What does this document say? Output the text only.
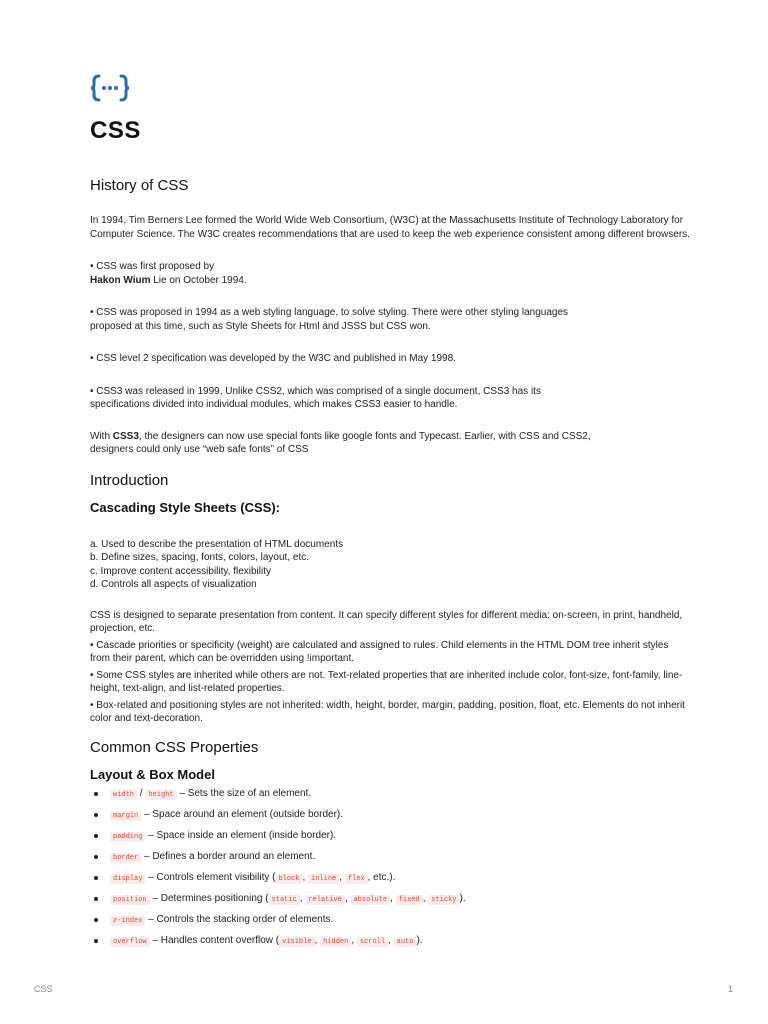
CSS
History of CSS

In 1994, Tim Berners Lee formed the World Wide Web Consortium, (W3C) at the Massachusetts Institute of Technology Laboratory for Computer Science. The W3C creates recommendations that are used to keep the web experience consistent among different browsers.

• CSS was first proposed by
Hakon Wium Lie on October 1994.

• CSS was proposed in 1994 as a web styling language, to solve styling. There were other styling languages proposed at this time, such as Style Sheets for Html and JSSS but CSS won.

• CSS level 2 specification was developed by the W3C and published in May 1998.

• CSS3 was released in 1999, Unlike CSS2, which was comprised of a single document, CSS3 has its specifications divided into individual modules, which makes CSS3 easier to handle.

With CSS3, the designers can now use special fonts like google fonts and Typecast. Earlier, with CSS and CSS2, designers could only use “web safe fonts” of CSS

Introduction
Cascading Style Sheets (CSS):
a. Used to describe the presentation of HTML documents
b. Define sizes, spacing, fonts, colors, layout, etc.
c. Improve content accessibility, flexibility
d. Controls all aspects of visualization

CSS is designed to separate presentation from content. It can specify different styles for different media: on-screen, in print, handheld, projection, etc.

• Cascade priorities or specificity (weight) are calculated and assigned to rules. Child elements in the HTML DOM tree inherit styles from their parent, which can be overridden using !important.

• Some CSS styles are inherited while others are not. Text-related properties that are inherited include color, font-size, font-family, line-height, text-align, and list-related properties.

• Box-related and positioning styles are not inherited: width, height, border, margin, padding, position, float, etc. Elements do not inherit color and text-decoration.

Common CSS Properties
Layout & Box Model
width / height – Sets the size of an element.
margin – Space around an element (outside border).
padding – Space inside an element (inside border).
border – Defines a border around an element.
display – Controls element visibility ( block , inline , flex , etc.).
position – Determines positioning ( static , relative , absolute , fixed , sticky ).
z-index – Controls the stacking order of elements.
overflow – Handles content overflow ( visible , hidden , scroll , auto ).
CSS	1
